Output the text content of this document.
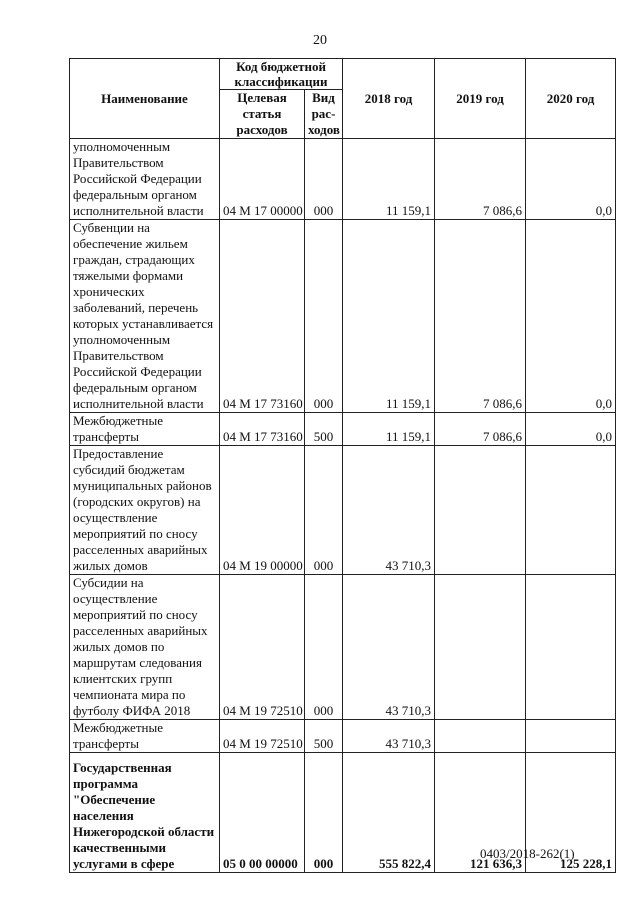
20
Наименование	Код бюджетной классификации		2018 год	2019 год	2020 год
	Целевая статья расходов	Вид рас-ходов			
уполномоченным Правительством Российской Федерации федеральным органом исполнительной власти	04 М 17 00000	000	11 159,1	7 086,6	0,0
Субвенции на обеспечение жильем граждан, страдающих тяжелыми формами хронических заболеваний, перечень которых устанавливается уполномоченным Правительством Российской Федерации федеральным органом исполнительной власти	04 М 17 73160	000	11 159,1	7 086,6	0,0
Межбюджетные трансферты	04 М 17 73160	500	11 159,1	7 086,6	0,0
Предоставление субсидий бюджетам муниципальных районов (городских округов) на осуществление мероприятий по сносу расселенных аварийных жилых домов	04 М 19 00000	000	43 710,3		
Субсидии на осуществление мероприятий по сносу расселенных аварийных жилых домов по маршрутам следования клиентских групп чемпионата мира по футболу ФИФА 2018	04 М 19 72510	000	43 710,3		
Межбюджетные трансферты	04 М 19 72510	500	43 710,3		
Государственная программа "Обеспечение населения Нижегородской области качественными услугами в сфере	05 0 00 00000	000	555 822,4	121 636,3	125 228,1
0403/2018-262(1)
